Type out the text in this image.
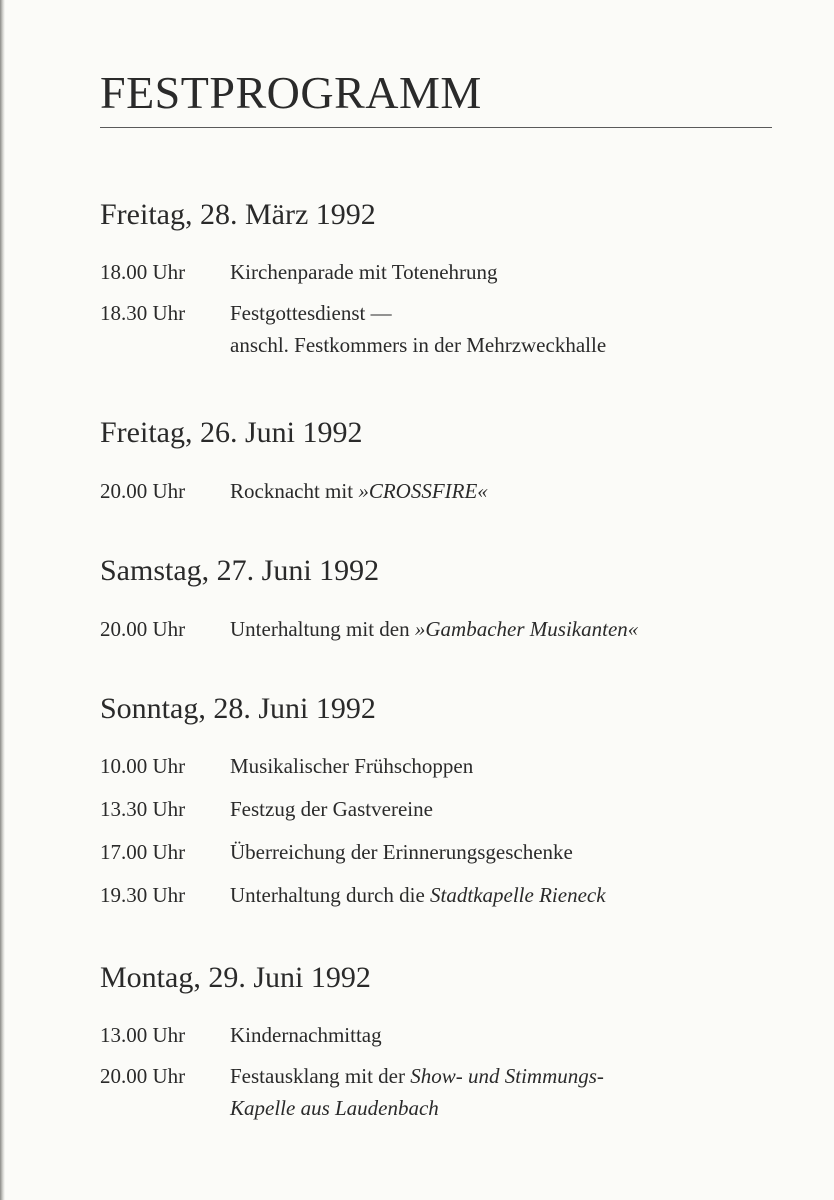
FESTPROGRAMM
Freitag, 28. März 1992
18.00 Uhr Kirchenparade mit Totenehrung
18.30 Uhr Festgottesdienst —
anschl. Festkommers in der Mehrzweckhalle
Freitag, 26. Juni 1992
20.00 Uhr Rocknacht mit »CROSSFIRE«
Samstag, 27. Juni 1992
20.00 Uhr Unterhaltung mit den »Gambacher Musikanten«
Sonntag, 28. Juni 1992
10.00 Uhr Musikalischer Frühschoppen
13.30 Uhr Festzug der Gastvereine
17.00 Uhr Überreichung der Erinnerungsgeschenke
19.30 Uhr Unterhaltung durch die Stadtkapelle Rieneck
Montag, 29. Juni 1992
13.00 Uhr Kindernachmittag
20.00 Uhr Festausklang mit der Show- und Stimmungs-
Kapelle aus Laudenbach
